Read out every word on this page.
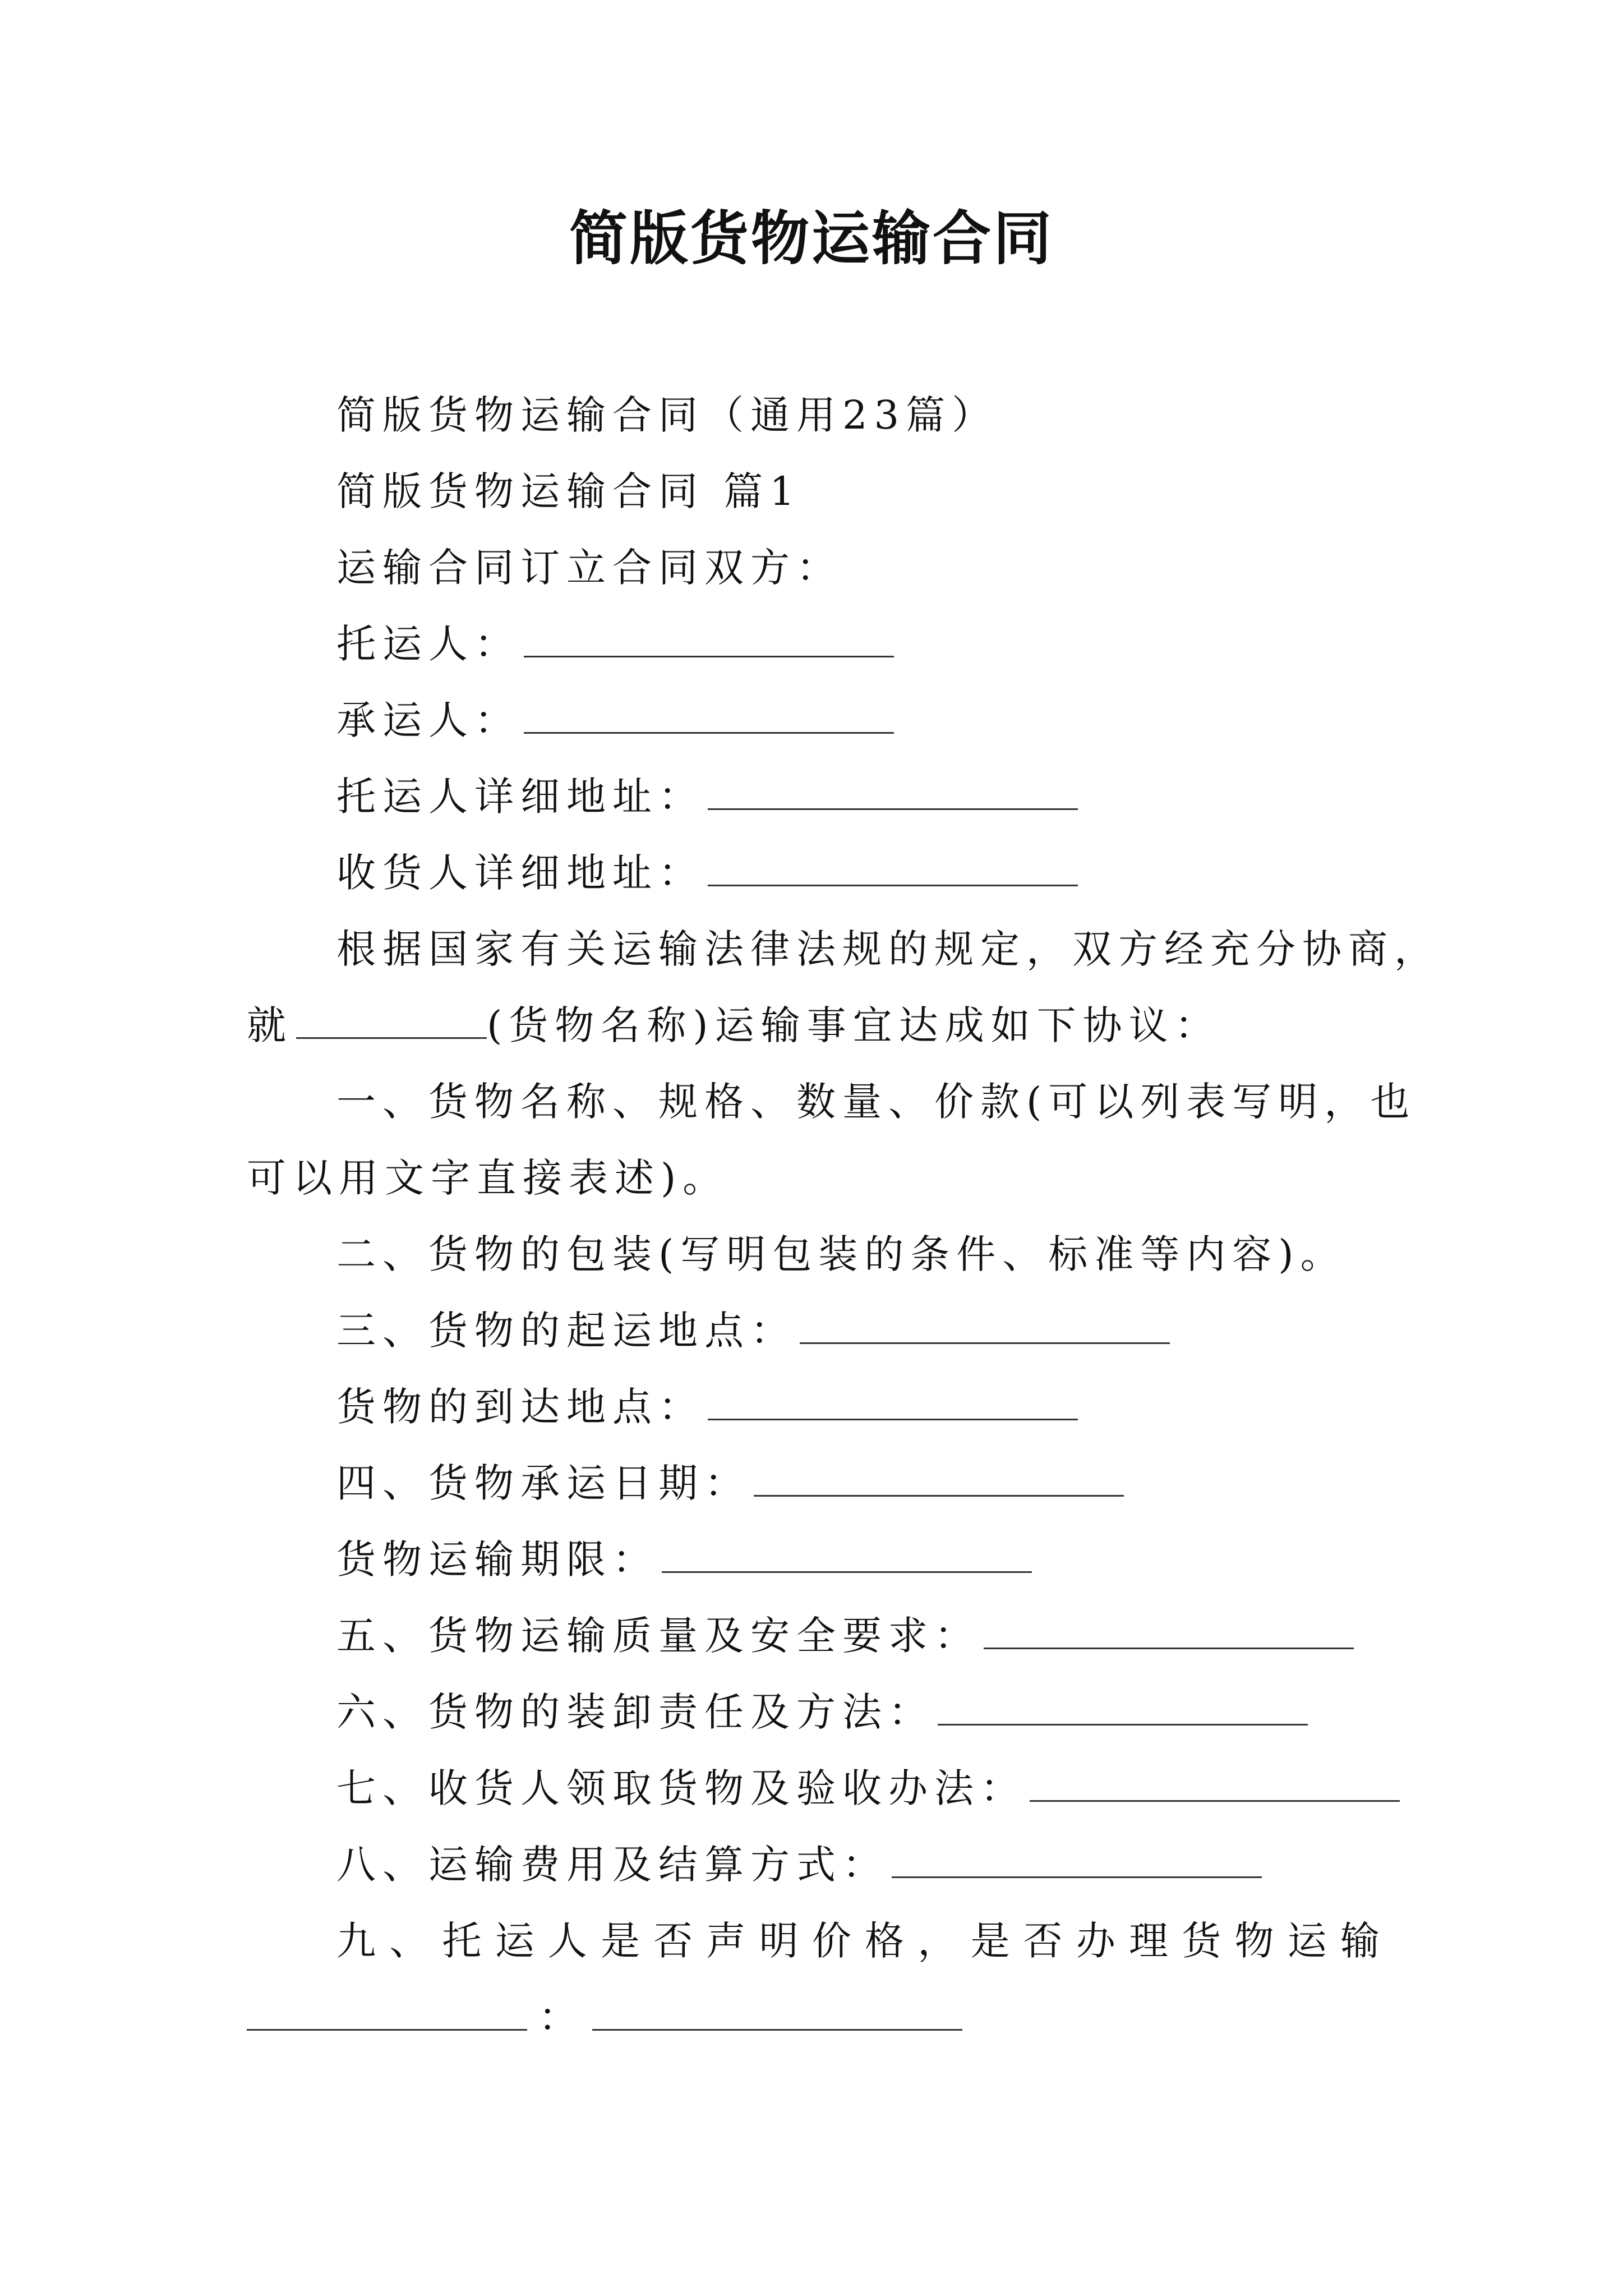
简版货物运输合同
简版货物运输合同（通用23篇）
简版货物运输合同 篇1
运输合同订立合同双方：
托运人：
承运人：
托运人详细地址：
收货人详细地址：
根据国家有关运输法律法规的规定，双方经充分协商，
就	(货物名称)运输事宜达成如下协议：
一、货物名称、规格、数量、价款(可以列表写明，也
可以用文字直接表述)。
二、货物的包装(写明包装的条件、标准等内容)。
三、货物的起运地点：
货物的到达地点：
四、货物承运日期：
货物运输期限：
五、货物运输质量及安全要求：
六、货物的装卸责任及方法：
七、收货人领取货物及验收办法：
八、运输费用及结算方式：
九 、 托 运 人 是 否 声 明 价 格 ， 是 否 办 理 货 物 运 输
：
